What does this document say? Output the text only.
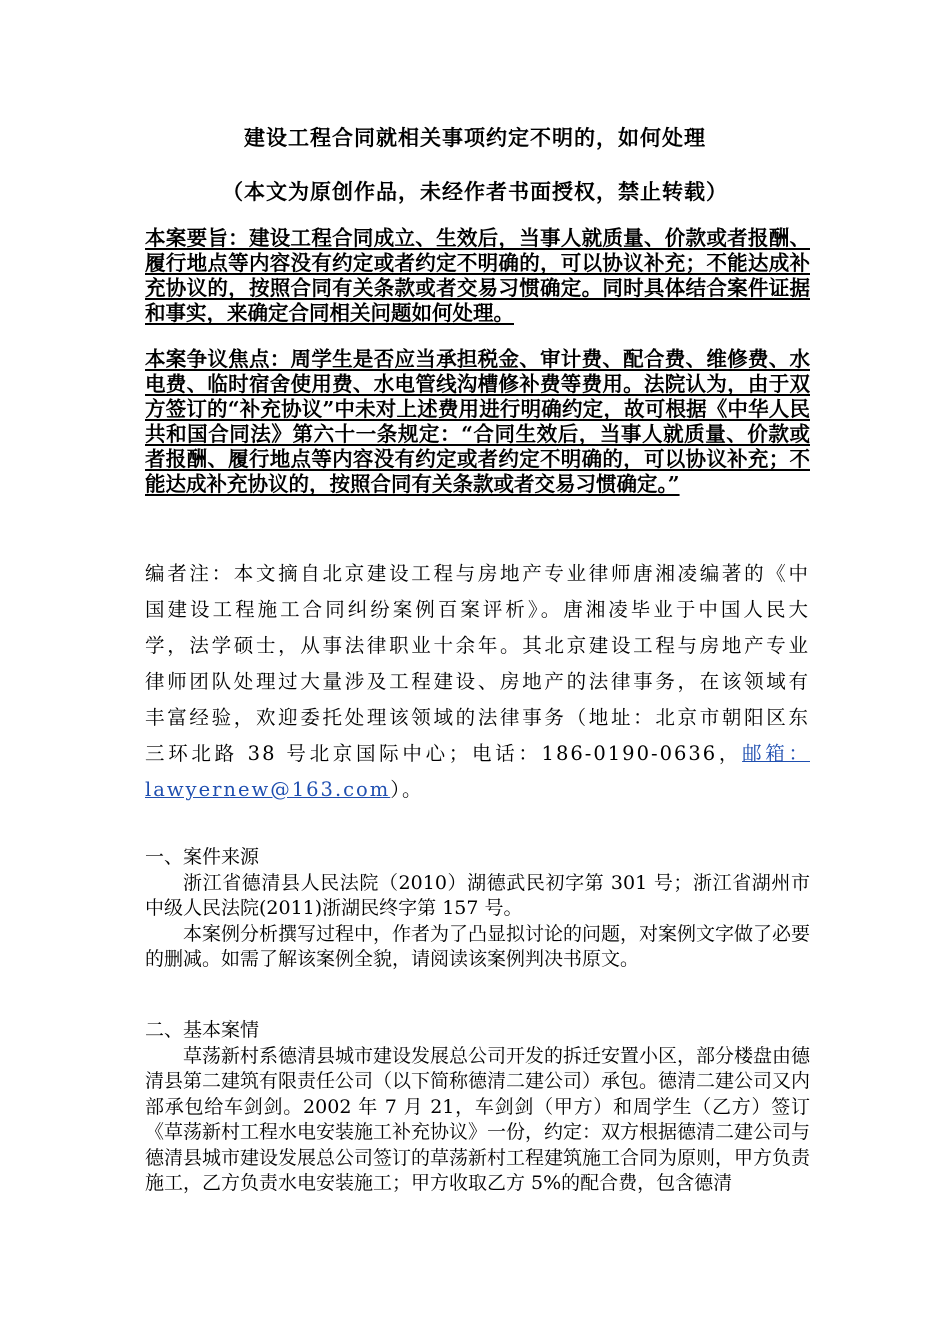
建设工程合同就相关事项约定不明的，如何处理
（本文为原创作品，未经作者书面授权，禁止转载）
本案要旨：建设工程合同成立、生效后，当事人就质量、价款或者报酬、履行地点等内容没有约定或者约定不明确的，可以协议补充；不能达成补充协议的，按照合同有关条款或者交易习惯确定。同时具体结合案件证据和事实，来确定合同相关问题如何处理。
本案争议焦点：周学生是否应当承担税金、审计费、配合费、维修费、水电费、临时宿舍使用费、水电管线沟槽修补费等费用。法院认为，由于双方签订的“补充协议”中未对上述费用进行明确约定，故可根据《中华人民共和国合同法》第六十一条规定：“合同生效后，当事人就质量、价款或者报酬、履行地点等内容没有约定或者约定不明确的，可以协议补充；不能达成补充协议的，按照合同有关条款或者交易习惯确定。”
编者注：本文摘自北京建设工程与房地产专业律师唐湘凌编著的《中国建设工程施工合同纠纷案例百案评析》。唐湘凌毕业于中国人民大学，法学硕士，从事法律职业十余年。其北京建设工程与房地产专业律师团队处理过大量涉及工程建设、房地产的法律事务，在该领域有丰富经验，欢迎委托处理该领域的法律事务（地址：北京市朝阳区东三环北路 38 号北京国际中心；电话：186-0190-0636，邮箱：lawyernew@163.com）。

一、案件来源

浙江省德清县人民法院（2010）湖德武民初字第 301 号；浙江省湖州市中级人民法院(2011)浙湖民终字第 157 号。

本案例分析撰写过程中，作者为了凸显拟讨论的问题，对案例文字做了必要的删减。如需了解该案例全貌，请阅读该案例判决书原文。

二、基本案情

草荡新村系德清县城市建设发展总公司开发的拆迁安置小区，部分楼盘由德清县第二建筑有限责任公司（以下简称德清二建公司）承包。德清二建公司又内部承包给车剑剑。2002 年 7 月 21，车剑剑（甲方）和周学生（乙方）签订《草荡新村工程水电安装施工补充协议》一份，约定：双方根据德清二建公司与德清县城市建设发展总公司签订的草荡新村工程建筑施工合同为原则，甲方负责施工，乙方负责水电安装施工；甲方收取乙方 5%的配合费，包含德清
